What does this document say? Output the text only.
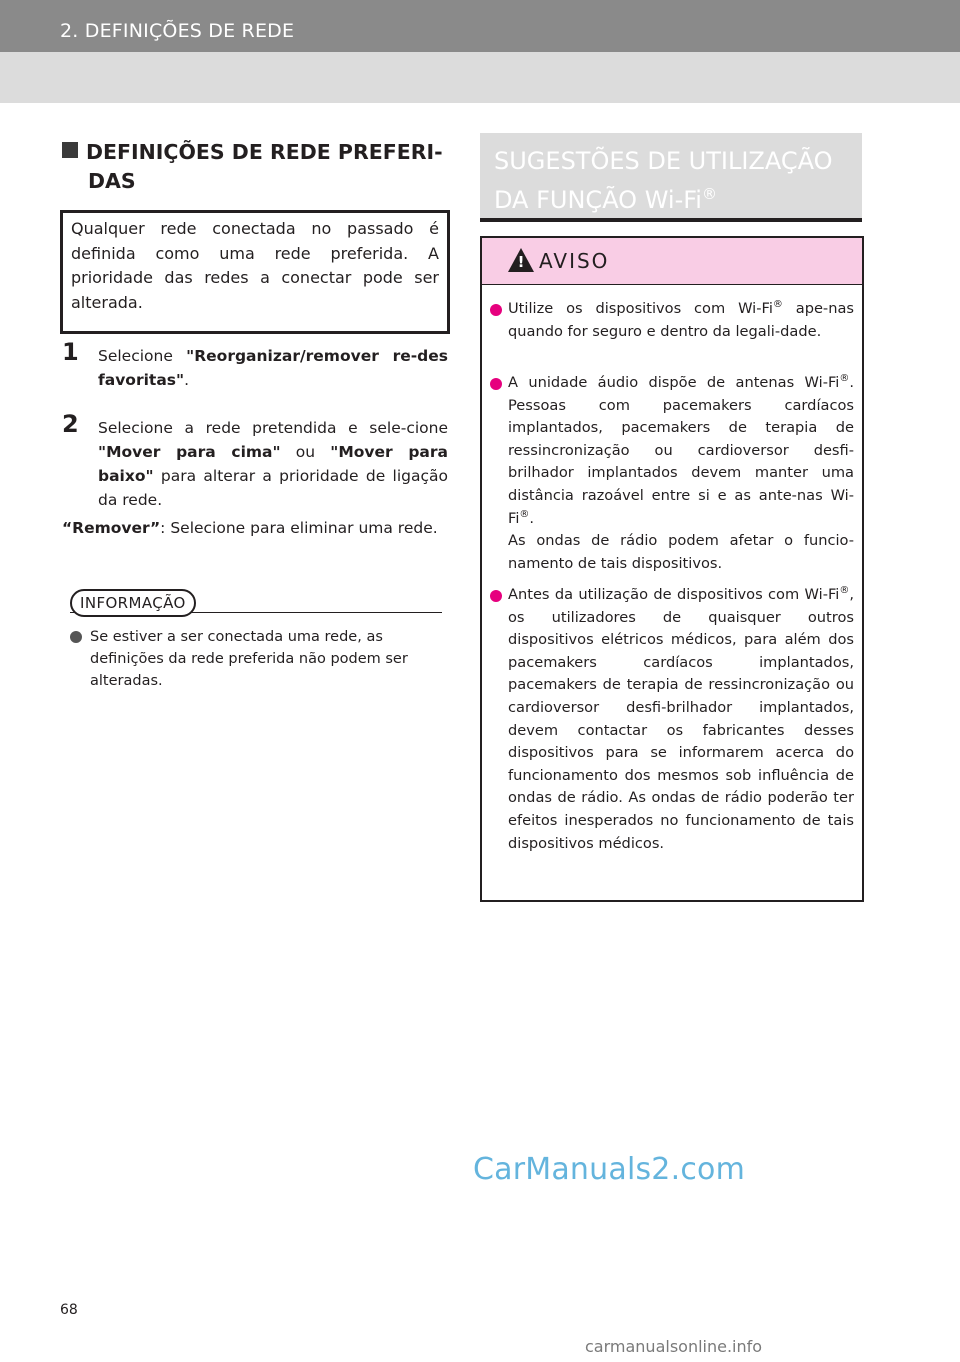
2. DEFINIÇÕES DE REDE
DEFINIÇÕES DE REDE PREFERI-
DAS
Qualquer rede conectada no passado é definida como uma rede preferida. A prioridade das redes a conectar pode ser alterada.
1	Selecione "Reorganizar/remover re-des favoritas".
2	Selecione a rede pretendida e sele-cione "Mover para cima" ou "Mover para baixo" para alterar a prioridade de ligação da rede.
“Remover”: Selecione para eliminar uma rede.
INFORMAÇÃO
Se estiver a ser conectada uma rede, as definições da rede preferida não podem ser alteradas.
SUGESTÕES DE UTILIZAÇÃO
DA FUNÇÃO Wi-Fi®
! AVISO
Utilize os dispositivos com Wi-Fi® ape-nas quando for seguro e dentro da legali-dade.
A unidade áudio dispõe de antenas Wi-Fi®. Pessoas com pacemakers cardíacos implantados, pacemakers de terapia de ressincronização ou cardioversor desfi-brilhador implantados devem manter uma distância razoável entre si e as ante-nas Wi-Fi®.
As ondas de rádio podem afetar o funcio-namento de tais dispositivos.
Antes da utilização de dispositivos com Wi-Fi®, os utilizadores de quaisquer outros dispositivos elétricos médicos, para além dos pacemakers cardíacos implantados, pacemakers de terapia de ressincronização ou cardioversor desfi-brilhador implantados, devem contactar os fabricantes desses dispositivos para se informarem acerca do funcionamento dos mesmos sob influência de ondas de rádio. As ondas de rádio poderão ter efeitos inesperados no funcionamento de tais dispositivos médicos.
CarManuals2.com
68
carmanualsonline.info
